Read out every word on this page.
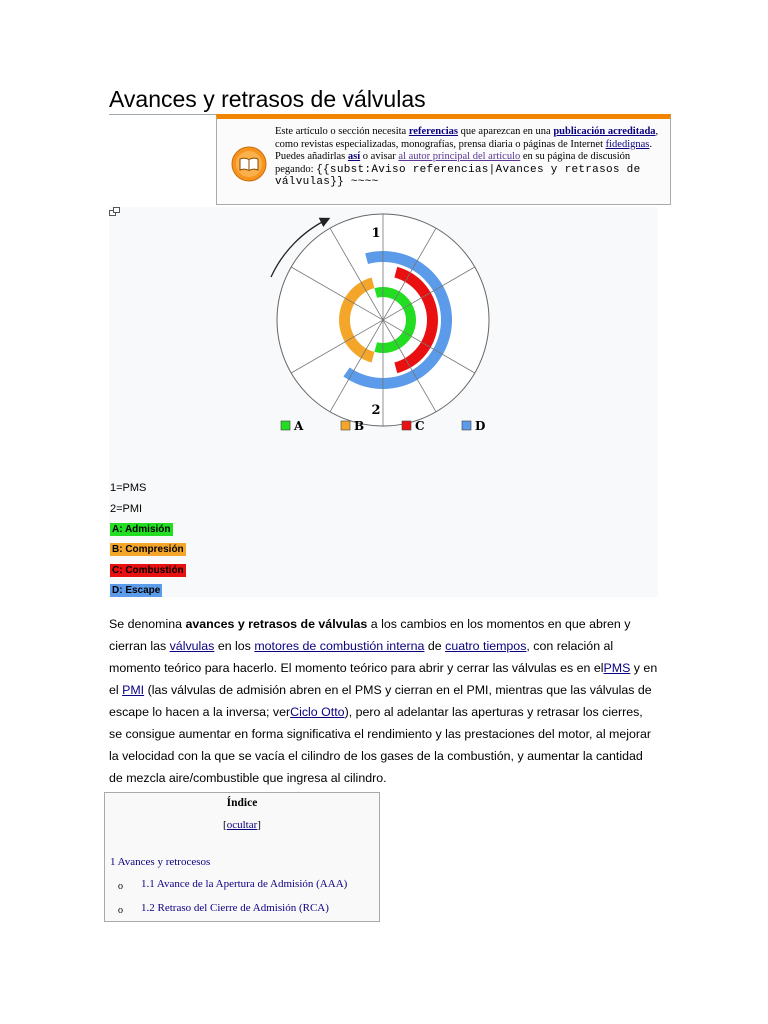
Avances y retrasos de válvulas
Este artículo o sección necesita referencias que aparezcan en una publicación acreditada, como revistas especializadas, monografías, prensa diaria o páginas de Internet fidedignas.
Puedes añadirlas así o avisar al autor principal del artículo en su página de discusión pegando: {{subst:Aviso referencias|Avances y retrasos de válvulas}} ~~~~
1
2
A	B	C	D
1=PMS
2=PMI
A: Admisión
B: Compresión
C: Combustión
D: Escape

Se denomina avances y retrasos de válvulas a los cambios en los momentos en que abren y cierran las válvulas en los motores de combustión interna de cuatro tiempos, con relación al momento teórico para hacerlo. El momento teórico para abrir y cerrar las válvulas es en elPMS y en el PMI (las válvulas de admisión abren en el PMS y cierran en el PMI, mientras que las válvulas de escape lo hacen a la inversa; verCiclo Otto), pero al adelantar las aperturas y retrasar los cierres, se consigue aumentar en forma significativa el rendimiento y las prestaciones del motor, al mejorar la velocidad con la que se vacía el cilindro de los gases de la combustión, y aumentar la cantidad de mezcla aire/combustible que ingresa al cilindro.

Índice
[ocultar]
1 Avances y retrocesos
o 1.1 Avance de la Apertura de Admisión (AAA)
o 1.2 Retraso del Cierre de Admisión (RCA)
